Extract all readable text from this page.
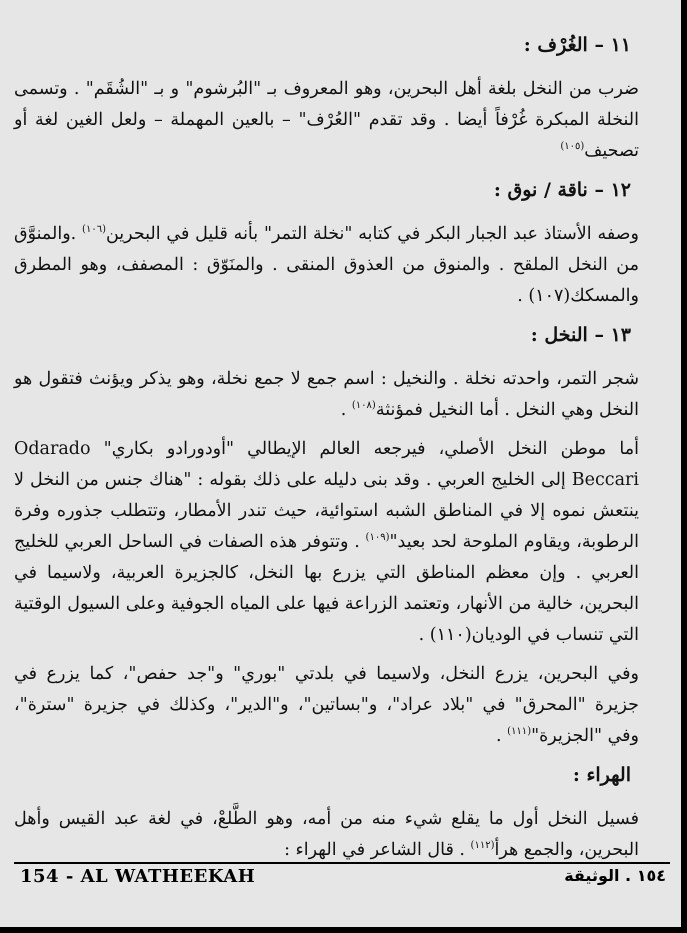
١١ – الغُرْف :

ضرب من النخل بلغة أهل البحرين، وهو المعروف بـ "البُرشوم" و بـ "الشُقَم" . وتسمى النخلة المبكرة غُرْفاً أيضا . وقد تقدم "العُرْف" – بالعين المهملة – ولعل الغين لغة أو تصحيف$^{(١٠٥)}$

١٢ – ناقة / نوق :

وصفه الأستاذ عبد الجبار البكر في كتابه "نخلة التمر" بأنه قليل في البحرين$^{(١٠٦)}$ .والمنوَّق من النخل الملقح . والمنوق من العذوق المنقى . والمنَوّق : المصفف، وهو المطرق والمسكك(١٠٧) .

١٣ – النخل :

شجر التمر، واحدته نخلة . والنخيل : اسم جمع لا جمع نخلة، وهو يذكر ويؤنث فتقول هو النخل وهي النخل . أما النخيل فمؤنثة$^{(١٠٨)}$ .

أما موطن النخل الأصلي، فيرجعه العالم الإيطالي "أودورادو بكاري" Odarado Beccari إلى الخليج العربي . وقد بنى دليله على ذلك بقوله : "هناك جنس من النخل لا ينتعش نموه إلا في المناطق الشبه استوائية، حيث تندر الأمطار، وتتطلب جذوره وفرة الرطوبة، ويقاوم الملوحة لحد بعيد"$^{(١٠٩)}$ . وتتوفر هذه الصفات في الساحل العربي للخليج العربي . وإن معظم المناطق التي يزرع بها النخل، كالجزيرة العربية، ولاسيما في البحرين، خالية من الأنهار، وتعتمد الزراعة فيها على المياه الجوفية وعلى السيول الوقتية التي تنساب في الوديان(١١٠) .

وفي البحرين، يزرع النخل، ولاسيما في بلدتي "بوري" و"جد حفص"، كما يزرع في جزيرة "المحرق" في "بلاد عراد"، و"بساتين"، و"الدير"، وكذلك في جزيرة "سترة"، وفي "الجزيرة"$^{(١١١)}$ .

الهراء :

فسيل النخل أول ما يقلع شيء منه من أمه، وهو الطَّلعْ، في لغة عبد القيس وأهل البحرين، والجمع هرأ$^{(١١٢)}$ . قال الشاعر في الهراء :

154 - AL WATHEEKAH	١٥٤ . الوثيقة
